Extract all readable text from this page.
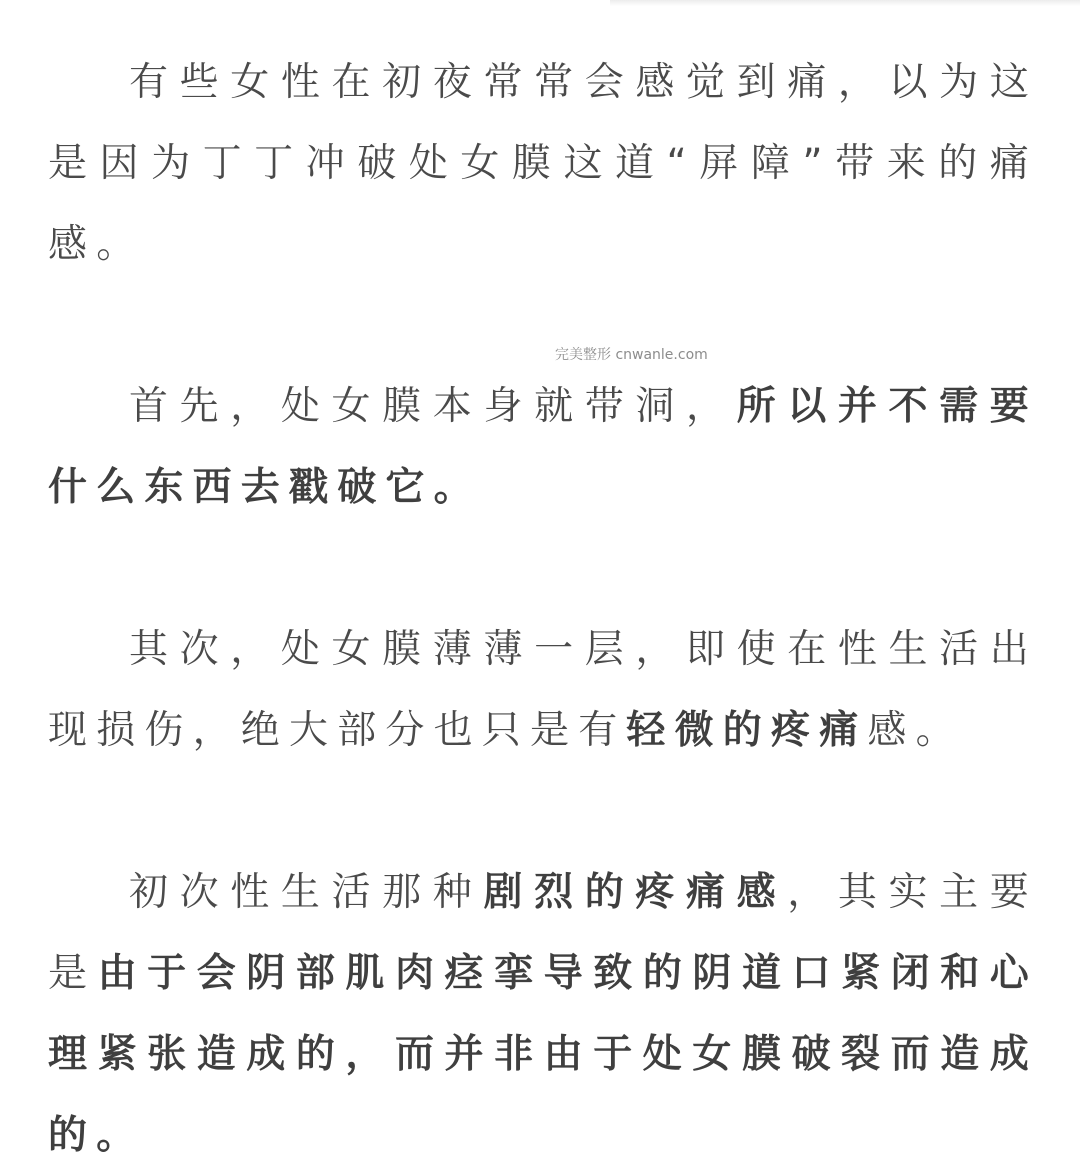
有些女性在初夜常常会感觉到痛，以为这是因为丁丁冲破处女膜这道“屏障”带来的痛感。

首先，处女膜本身就带洞，所以并不需要什么东西去戳破它。

其次，处女膜薄薄一层，即使在性生活出现损伤，绝大部分也只是有轻微的疼痛感。

初次性生活那种剧烈的疼痛感，其实主要是由于会阴部肌肉痉挛导致的阴道口紧闭和心理紧张造成的，而并非由于处女膜破裂而造成的。

完美整形 cnwanle.com
